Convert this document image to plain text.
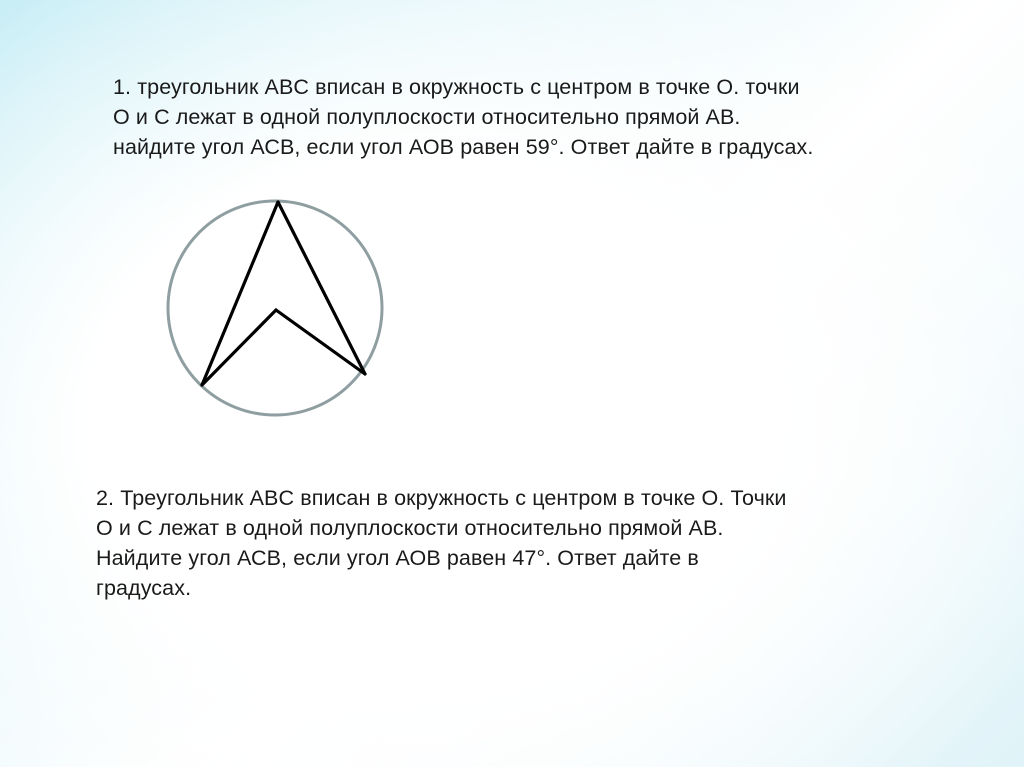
1. треугольник ABC вписан в окружность с центром в точке О. точки
О и С лежат в одной полуплоскости относительно прямой АВ.
найдите угол АСВ, если угол АОВ равен 59°. Ответ дайте в градусах.

2. Треугольник ABC вписан в окружность с центром в точке О. Точки
О и С лежат в одной полуплоскости относительно прямой АВ.
Найдите угол АСВ, если угол АОВ равен 47°. Ответ дайте в
градусах.
